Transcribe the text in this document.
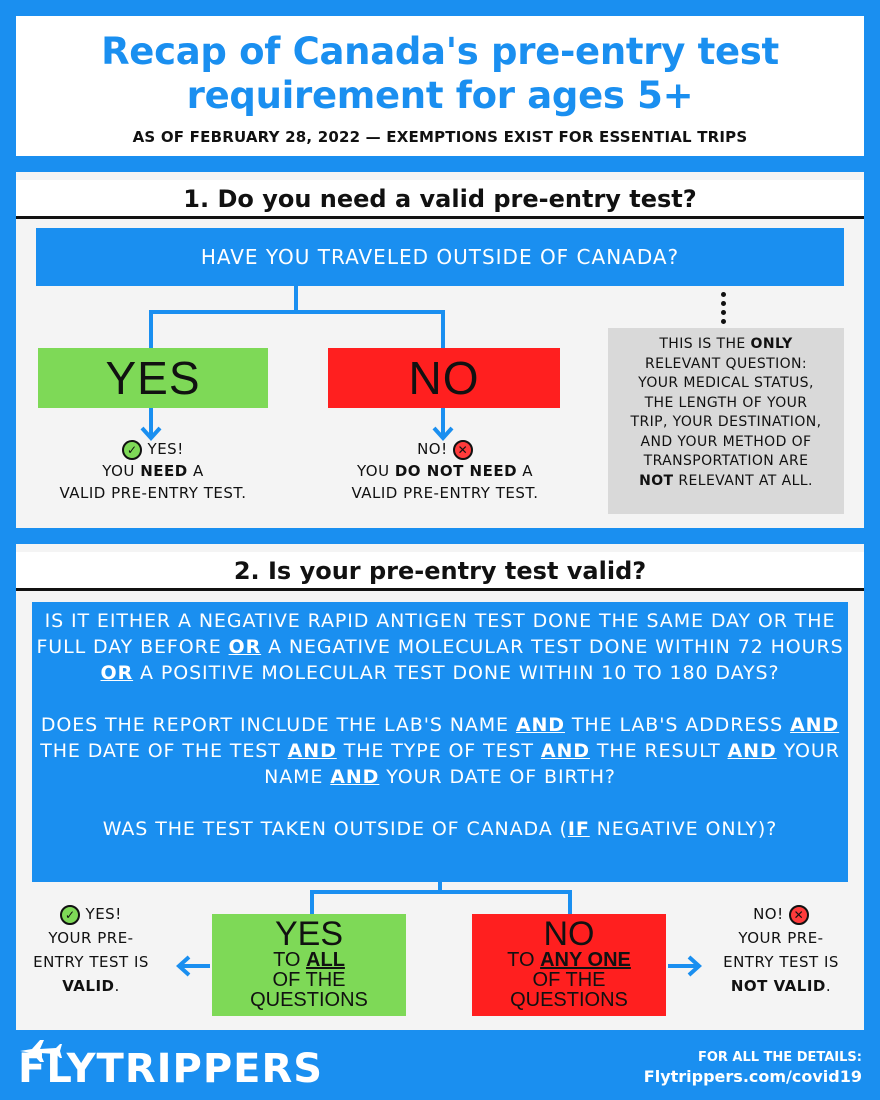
Recap of Canada's pre-entry test
requirement for ages 5+
AS OF FEBRUARY 28, 2022 — EXEMPTIONS EXIST FOR ESSENTIAL TRIPS
1. Do you need a valid pre-entry test?
HAVE YOU TRAVELED OUTSIDE OF CANADA?
YES	NO
✓ YES!
YOU NEED A
VALID PRE-ENTRY TEST.
NO! ✕
YOU DO NOT NEED A
VALID PRE-ENTRY TEST.
THIS IS THE ONLY
RELEVANT QUESTION:
YOUR MEDICAL STATUS,
THE LENGTH OF YOUR
TRIP, YOUR DESTINATION,
AND YOUR METHOD OF
TRANSPORTATION ARE
NOT RELEVANT AT ALL.
2. Is your pre-entry test valid?

IS IT EITHER A NEGATIVE RAPID ANTIGEN TEST DONE THE SAME DAY OR THE FULL DAY BEFORE OR A NEGATIVE MOLECULAR TEST DONE WITHIN 72 HOURS OR A POSITIVE MOLECULAR TEST DONE WITHIN 10 TO 180 DAYS?

DOES THE REPORT INCLUDE THE LAB'S NAME AND THE LAB'S ADDRESS AND THE DATE OF THE TEST AND THE TYPE OF TEST AND THE RESULT AND YOUR NAME AND YOUR DATE OF BIRTH?

WAS THE TEST TAKEN OUTSIDE OF CANADA (IF NEGATIVE ONLY)?

YES
TO ALL
OF THE
QUESTIONS
NO
TO ANY ONE
OF THE
QUESTIONS
✓ YES!
YOUR PRE-
ENTRY TEST IS
VALID.
NO! ✕
YOUR PRE-
ENTRY TEST IS
NOT VALID.
FLYTRIPPERS	FOR ALL THE DETAILS:
Flytrippers.com/covid19
